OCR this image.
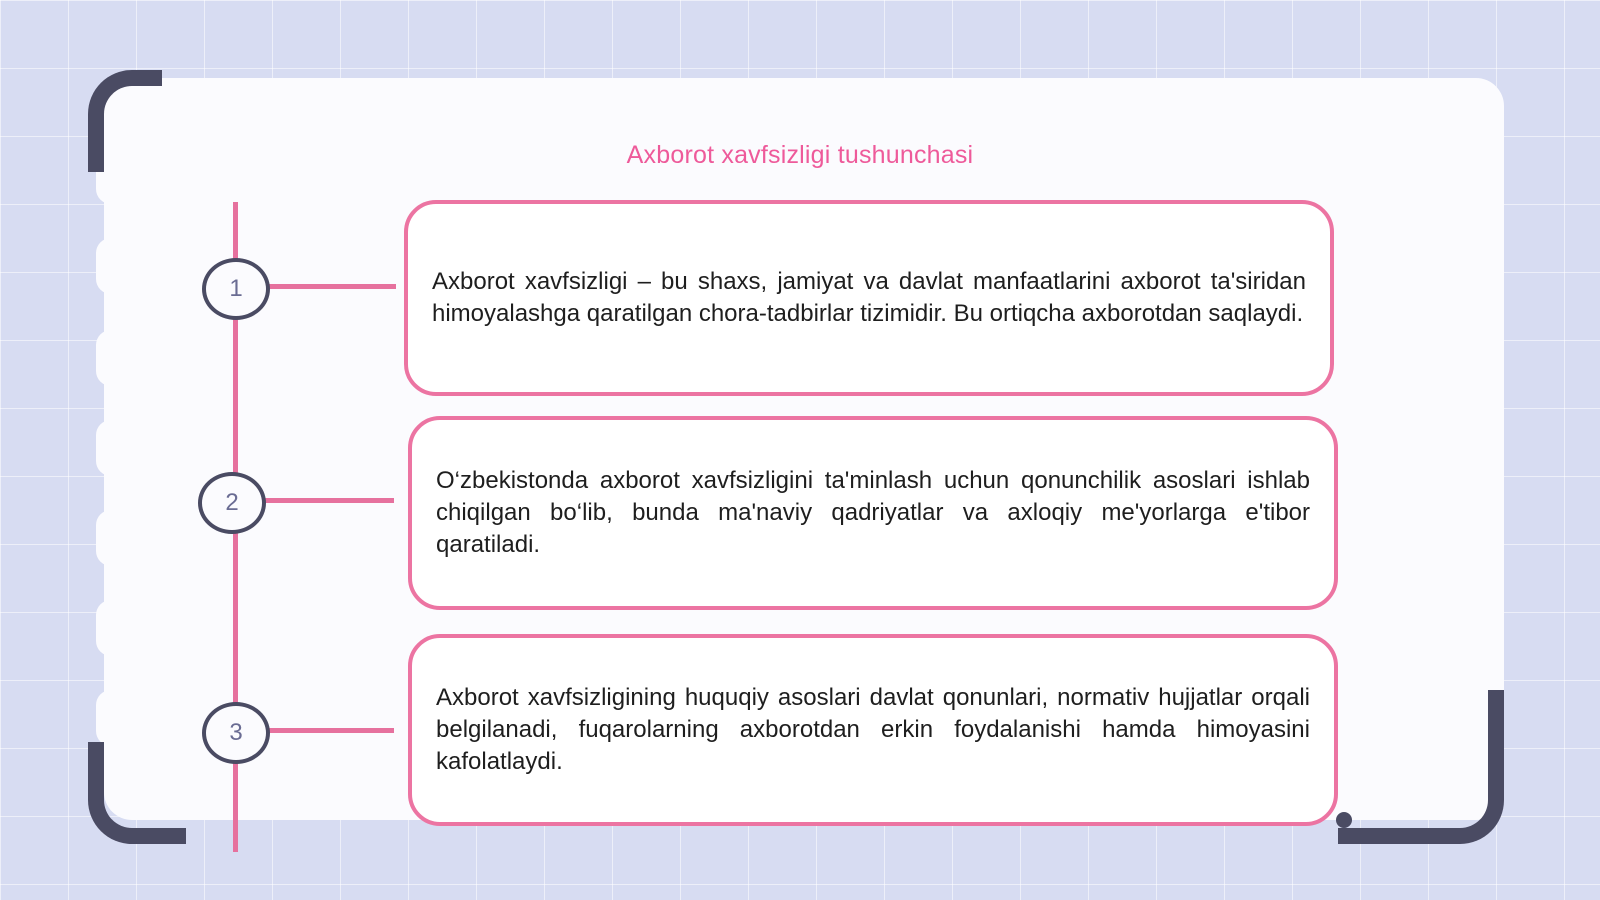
Axborot xavfsizligi tushunchasi
1	Axborot xavfsizligi – bu shaxs, jamiyat va davlat manfaatlarini axborot ta'siridan himoyalashga qaratilgan chora-tadbirlar tizimidir. Bu ortiqcha axborotdan saqlaydi.

2

O‘zbekistonda axborot xavfsizligini ta'minlash uchun qonunchilik asoslari ishlab chiqilgan bo‘lib, bunda ma'naviy qadriyatlar va axloqiy me'yorlarga e'tibor qaratiladi.

3

Axborot xavfsizligining huquqiy asoslari davlat qonunlari, normativ hujjatlar orqali belgilanadi, fuqarolarning axborotdan erkin foydalanishi hamda himoyasini kafolatlaydi.
